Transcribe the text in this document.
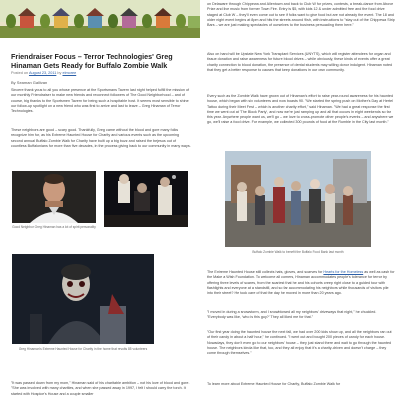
Friendraiser Focus – Terror Technologies' Greg Hinaman Gets Ready for Buffalo Zombie Walk
Posted on August 23, 2011 by elmoree
By Seaman Gallivan
Sincere thank yous to all you whose presence at the Sportsmans Tavern last night helped fulfill the mission of our monthly Friendraiser to make new friends and reconnect followers of The Good Neighborhood – and of course, big thanks to the Sportsmen Tavern for being such a hospitable host. It seems most sensible to shine our follow-up spotlight on a new friend who was first to arrive and last to leave – Greg Hinaman of Terror Technologies.
These neighbors are good – scary good. Thankfully, Greg came without the blood and gore many folks recognize him for, as his Extreme Haunted House for Charity and various events such as the upcoming second annual Buffalo Zombie Walk for Charity have built up a big buzz and raised the bejesus out of countless Buffalonians for more than five decades, in the process giving back to our community in many ways.
Good Neighbor Greg Hinaman has a lot of spirit personality
Greg Hinaman's Extreme Haunted House for Charity in the home that revolts 85 volunteers
"It was passed down from my mom," Hinaman said of his charitable ambition – not his love of blood and gore. "She was involved with many charities, and when she passed away in 1997, I felt I should carry the torch. It started with Hospice's House and a couple smaller
on Delaware through Chippewa and Allentown and back to Club W for prizes, contests, a break-dance from Above Prize and live music from former Town Fire. Entry is $5, with kids 12 & under admitted free and the food drive staged at Club W – they'll even come out to see if folks want to give food but are not already the event. The 18 and older night event begins at 8pm and hits the streets around 9ish, with instructions to "stay out of the Chippewa Strip Bars – we are just making spectacles of ourselves to the business persuading them here."
Also on hand will be Upstate New York Transplant Services (UNYTS), which will register attendees for organ and tissue donation and raise awareness for future blood drives – while obviously, these kinds of events offer a great charity connection to blood donation, the presence of dental students may willing donor indulgent. Hinaman noted that they get a better response to causes that keep donations in our own community.
Every such as the Zombie Walk have grown out of Hinaman's effort to raise year-round awareness for his haunted house, which began with six volunteers and now boasts 90. "We started the spring push on Mother's Day at Hertel Tattoo during their Meet Fest – which is another charity effort," said Hinaman. "We had a great response the first time we went out at 'The Block Party', and now we're just ramping up and all that occurs in eight weekends so far this year. Anywhere people want us, we'll go – we love to cross-promote other people's events – and anywhere we go, we'll raise a food drive. For example, we collected 300 pounds of food at the Rumble in the City last month."
Buffalo Zombie Walk to benefit the Buffalo Food Bank last month
The Extreme Haunted House still collects hats, gloves, and scarves for Hearts for the Homeless as well as cash for the Make a Wish Foundation. To welcome all comers, Hinaman accommodates people's tolerance for terror by offering three levels of scares, from the scariest that he and his cohorts creep right close to a guided tour with flashlights and everyone at a standstill, and so far accommodating his neighbors while thousands of visitors pile into their street? He took care of that the day he moved in more than 20 years ago.
"I moved in during a snowstorm, and I snowblowed all my neighbors' driveways that night," he chuckled. "Everybody was like, 'who is this guy?' They all liked me for that."
"Our first year doing the haunted house the next fall, we had over 200 kids show up, and all the neighbors ran out of their candy in about a half hour," he continued. "I went out and bought 200 pieces of candy for each house. Nowadays, they don't even go to our neighbors' house – they just stand there and wait to go through the haunted house. The neighbors kinda like that, too, and they all enjoy that it's a charity-driven and doesn't charge – they come through themselves."
To learn more about Extreme Haunted House for Charity, Buffalo Zombie Walk for
